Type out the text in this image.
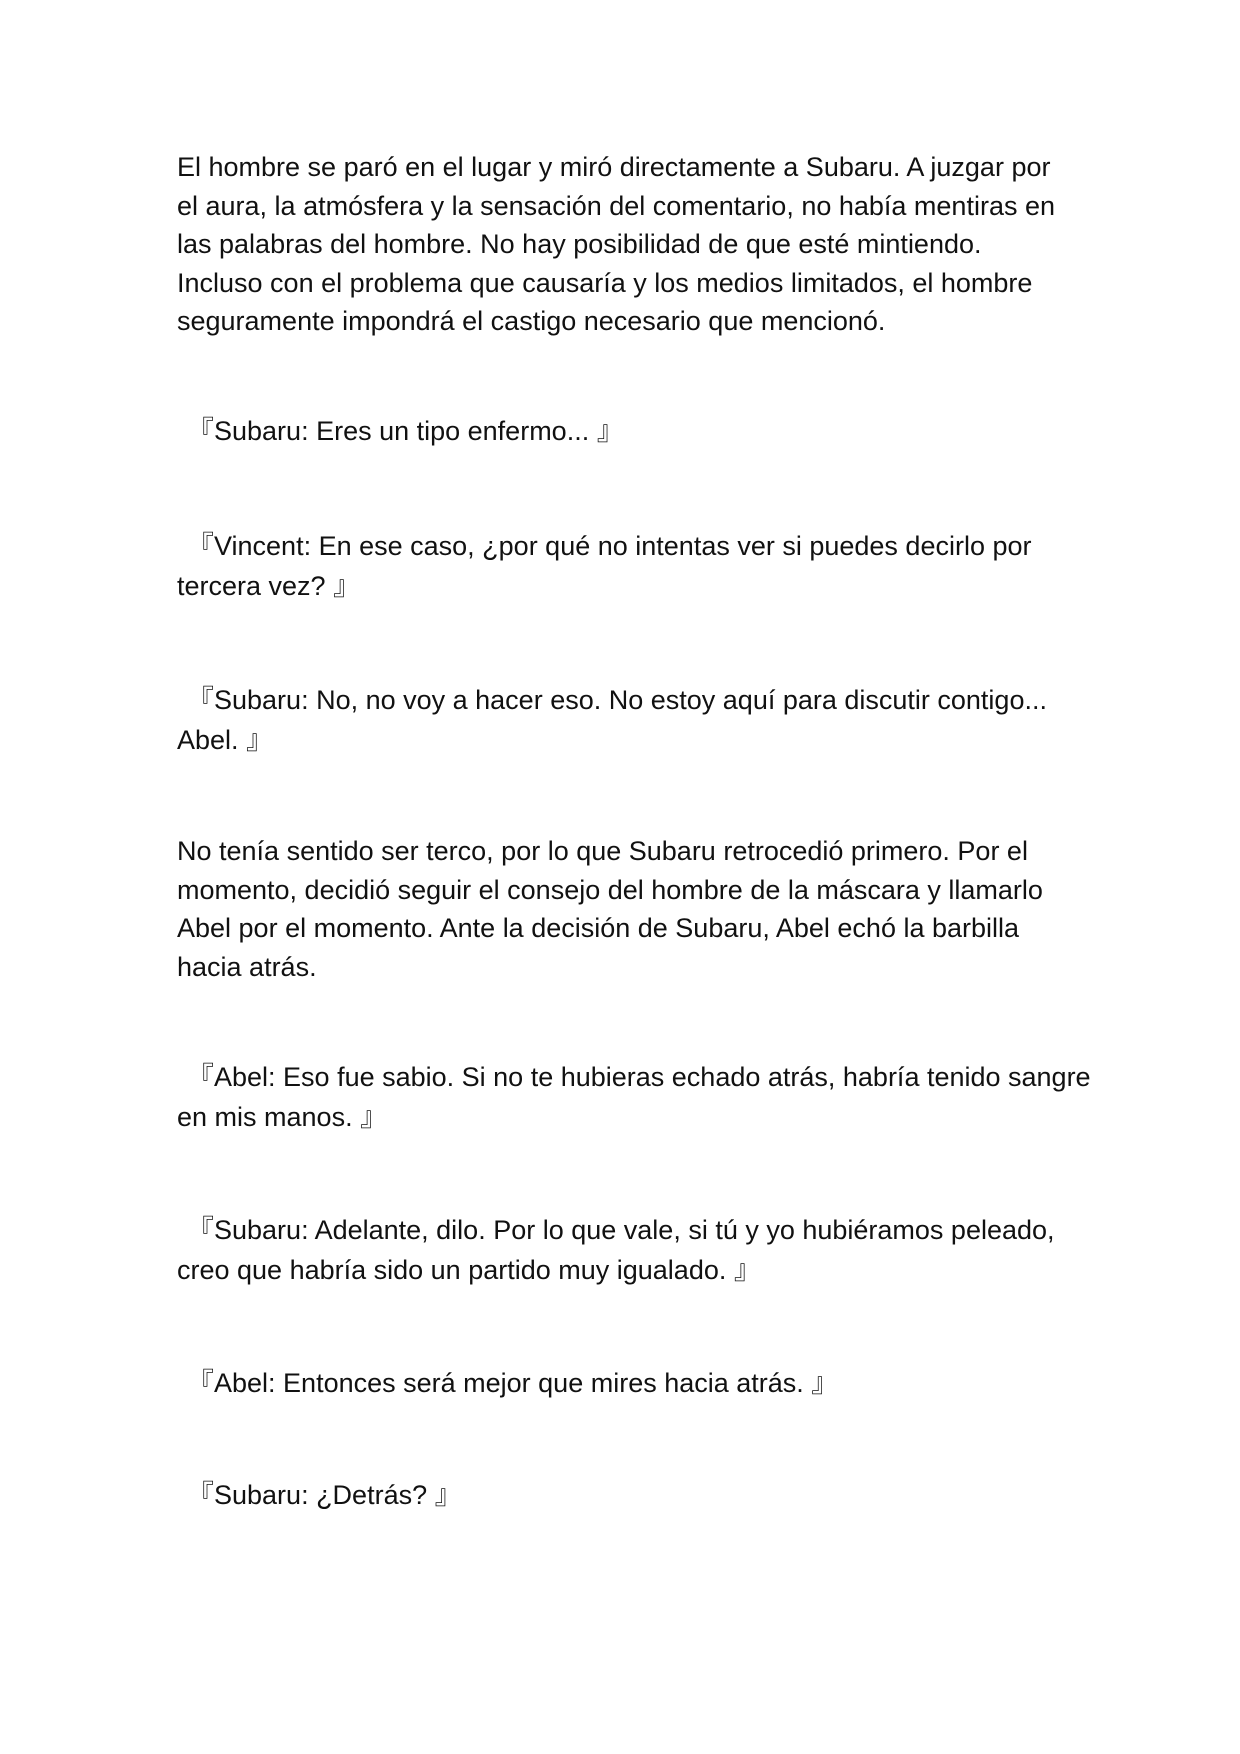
El hombre se paró en el lugar y miró directamente a Subaru. A juzgar por
el aura, la atmósfera y la sensación del comentario, no había mentiras en
las palabras del hombre. No hay posibilidad de que esté mintiendo.
Incluso con el problema que causaría y los medios limitados, el hombre
seguramente impondrá el castigo necesario que mencionó.
『Subaru: Eres un tipo enfermo... 』
『Vincent: En ese caso, ¿por qué no intentas ver si puedes decirlo por
tercera vez? 』
『Subaru: No, no voy a hacer eso. No estoy aquí para discutir contigo...
Abel. 』
No tenía sentido ser terco, por lo que Subaru retrocedió primero. Por el
momento, decidió seguir el consejo del hombre de la máscara y llamarlo
Abel por el momento. Ante la decisión de Subaru, Abel echó la barbilla
hacia atrás.
『Abel: Eso fue sabio. Si no te hubieras echado atrás, habría tenido sangre
en mis manos. 』
『Subaru: Adelante, dilo. Por lo que vale, si tú y yo hubiéramos peleado,
creo que habría sido un partido muy igualado. 』
『Abel: Entonces será mejor que mires hacia atrás. 』
『Subaru: ¿Detrás? 』
